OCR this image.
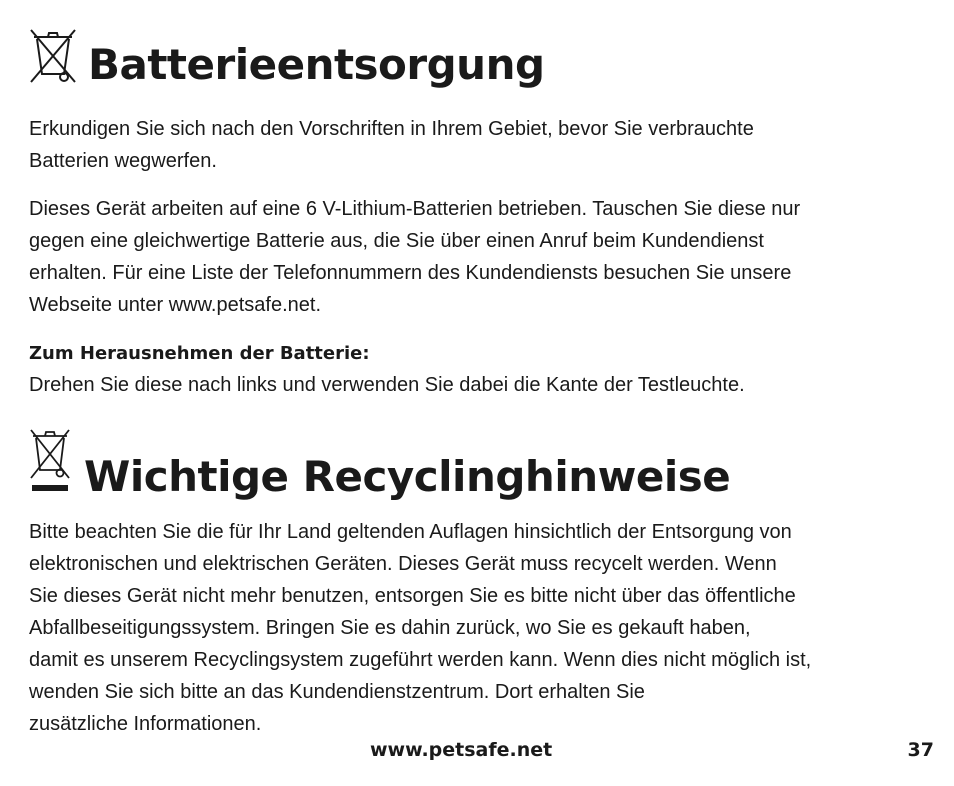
Batterieentsorgung

Erkundigen Sie sich nach den Vorschriften in Ihrem Gebiet, bevor Sie verbrauchte
Batterien wegwerfen.

Dieses Gerät arbeiten auf eine 6 V-Lithium-Batterien betrieben. Tauschen Sie diese nur
gegen eine gleichwertige Batterie aus, die Sie über einen Anruf beim Kundendienst
erhalten. Für eine Liste der Telefonnummern des Kundendiensts besuchen Sie unsere
Webseite unter www.petsafe.net.

Zum Herausnehmen der Batterie:

Drehen Sie diese nach links und verwenden Sie dabei die Kante der Testleuchte.

Wichtige Recyclinghinweise

Bitte beachten Sie die für Ihr Land geltenden Auflagen hinsichtlich der Entsorgung von
elektronischen und elektrischen Geräten. Dieses Gerät muss recycelt werden. Wenn
Sie dieses Gerät nicht mehr benutzen, entsorgen Sie es bitte nicht über das öffentliche
Abfallbeseitigungssystem. Bringen Sie es dahin zurück, wo Sie es gekauft haben,
damit es unserem Recyclingsystem zugeführt werden kann. Wenn dies nicht möglich ist,
wenden Sie sich bitte an das Kundendienstzentrum. Dort erhalten Sie
zusätzliche Informationen.

www.petsafe.net	37
